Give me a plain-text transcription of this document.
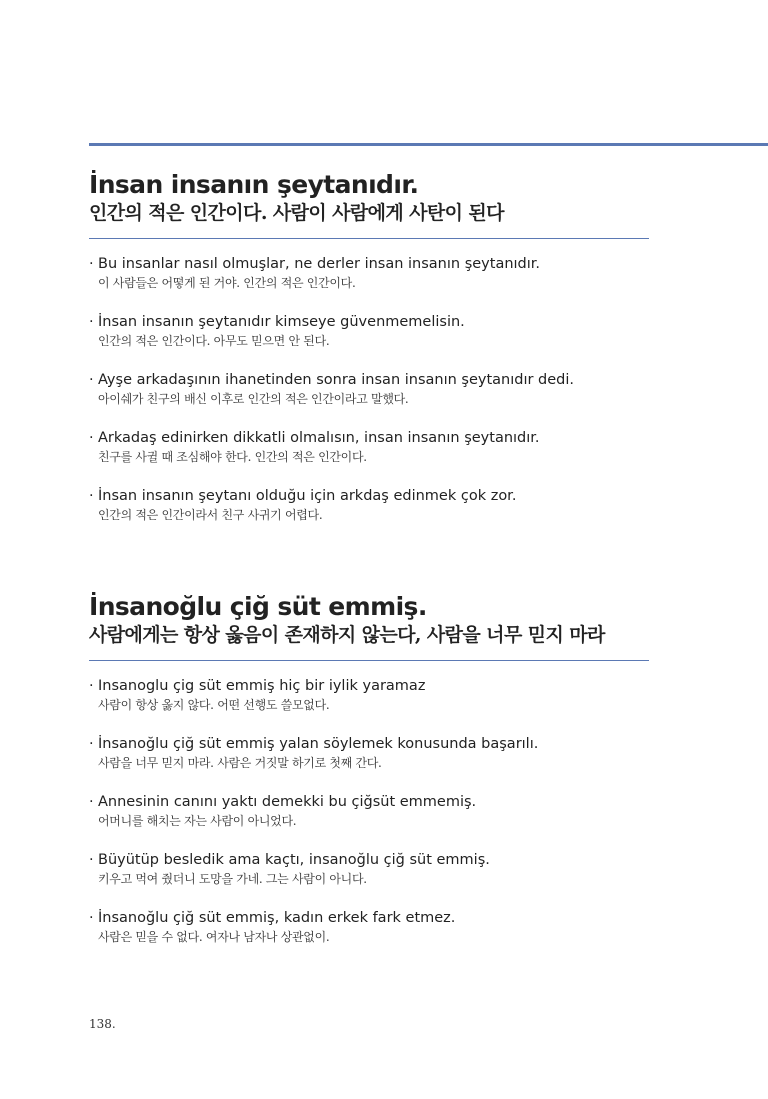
İnsan insanın şeytanıdır.
인간의 적은 인간이다. 사람이 사람에게 사탄이 된다
· Bu insanlar nasıl olmuşlar, ne derler insan insanın şeytanıdır.
이 사람들은 어떻게 된 거야. 인간의 적은 인간이다.
· İnsan insanın şeytanıdır kimseye güvenmemelisin.
인간의 적은 인간이다. 아무도 믿으면 안 된다.
· Ayşe arkadaşının ihanetinden sonra insan insanın şeytanıdır dedi.
아이쉐가 친구의 배신 이후로 인간의 적은 인간이라고 말했다.
· Arkadaş edinirken dikkatli olmalısın, insan insanın şeytanıdır.
친구를 사귈 때 조심해야 한다. 인간의 적은 인간이다.
· İnsan insanın şeytanı olduğu için arkdaş edinmek çok zor.
인간의 적은 인간이라서 친구 사귀기 어렵다.
İnsanoğlu çiğ süt emmiş.
사람에게는 항상 옳음이 존재하지 않는다, 사람을 너무 믿지 마라
· Insanoglu çig süt emmiş hiç bir iylik yaramaz
사람이 항상 옳지 않다. 어떤 선행도 쓸모없다.
· İnsanoğlu çiğ süt emmiş yalan söylemek konusunda başarılı.
사람을 너무 믿지 마라. 사람은 거짓말 하기로 첫째 간다.
· Annesinin canını yaktı demekki bu çiğsüt emmemiş.
어머니를 해치는 자는 사람이 아니었다.
· Büyütüp besledik ama kaçtı, insanoğlu çiğ süt emmiş.
키우고 먹여 줬더니 도망을 가네. 그는 사람이 아니다.
· İnsanoğlu çiğ süt emmiş, kadın erkek fark etmez.
사람은 믿을 수 없다. 여자나 남자나 상관없이.
138.
